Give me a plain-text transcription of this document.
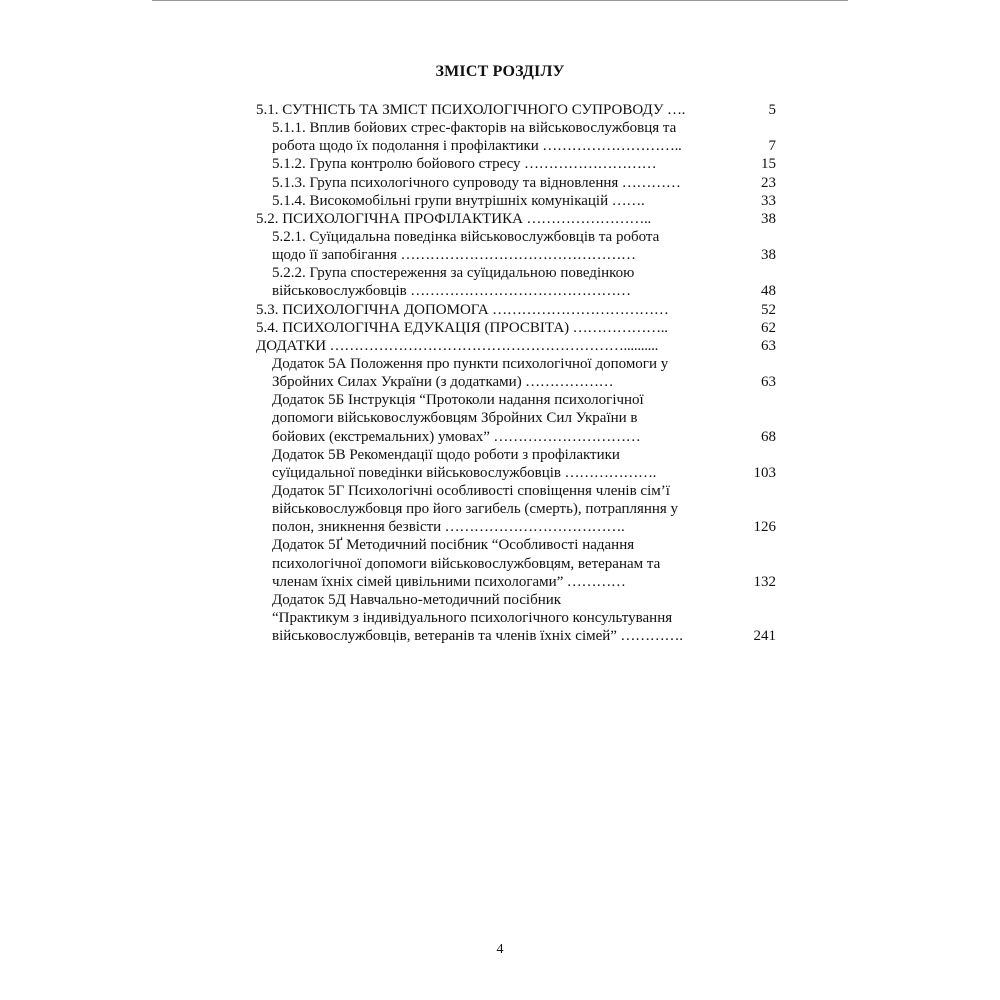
ЗМІСТ РОЗДІЛУ
5.1. СУТНІСТЬ ТА ЗМІСТ ПСИХОЛОГІЧНОГО СУПРОВОДУ ….	5
5.1.1. Вплив бойових стрес-факторів на військовослужбовця та
робота щодо їх подолання і профілактики ………………………..	7
5.1.2. Група контролю бойового стресу ………………………	15
5.1.3. Група психологічного супроводу та відновлення …………	23
5.1.4. Високомобільні групи внутрішніх комунікацій …….	33
5.2. ПСИХОЛОГІЧНА ПРОФІЛАКТИКА ……………………..	38
5.2.1. Суїцидальна поведінка військовослужбовців та робота
щодо її запобігання …………………………………………	38
5.2.2. Група спостереження за суїцидальною поведінкою
військовослужбовців ………………………………………	48
5.3. ПСИХОЛОГІЧНА ДОПОМОГА ………………………………	52
5.4. ПСИХОЛОГІЧНА ЕДУКАЦІЯ (ПРОСВІТА) ………………..	62
ДОДАТКИ ……………………………………………………..........	63
Додаток 5А Положення про пункти психологічної допомоги у
Збройних Силах України (з додатками) ………………	63
Додаток 5Б Інструкція “Протоколи надання психологічної
допомоги військовослужбовцям Збройних Сил України в
бойових (екстремальних) умовах” …………………………	68
Додаток 5В Рекомендації щодо роботи з профілактики
суїцидальної поведінки військовослужбовців ……………….	103
Додаток 5Г Психологічні особливості сповіщення членів сім’ї
військовослужбовця про його загибель (смерть), потрапляння у
полон, зникнення безвісти ……………………………….	126
Додаток 5Ґ Методичний посібник “Особливості надання
психологічної допомоги військовослужбовцям, ветеранам та
членам їхніх сімей цивільними психологами” …………	132
Додаток 5Д Навчально-методичний посібник
“Практикум з індивідуального психологічного консультування
військовослужбовців, ветеранів та членів їхніх сімей” ………….	241
4
